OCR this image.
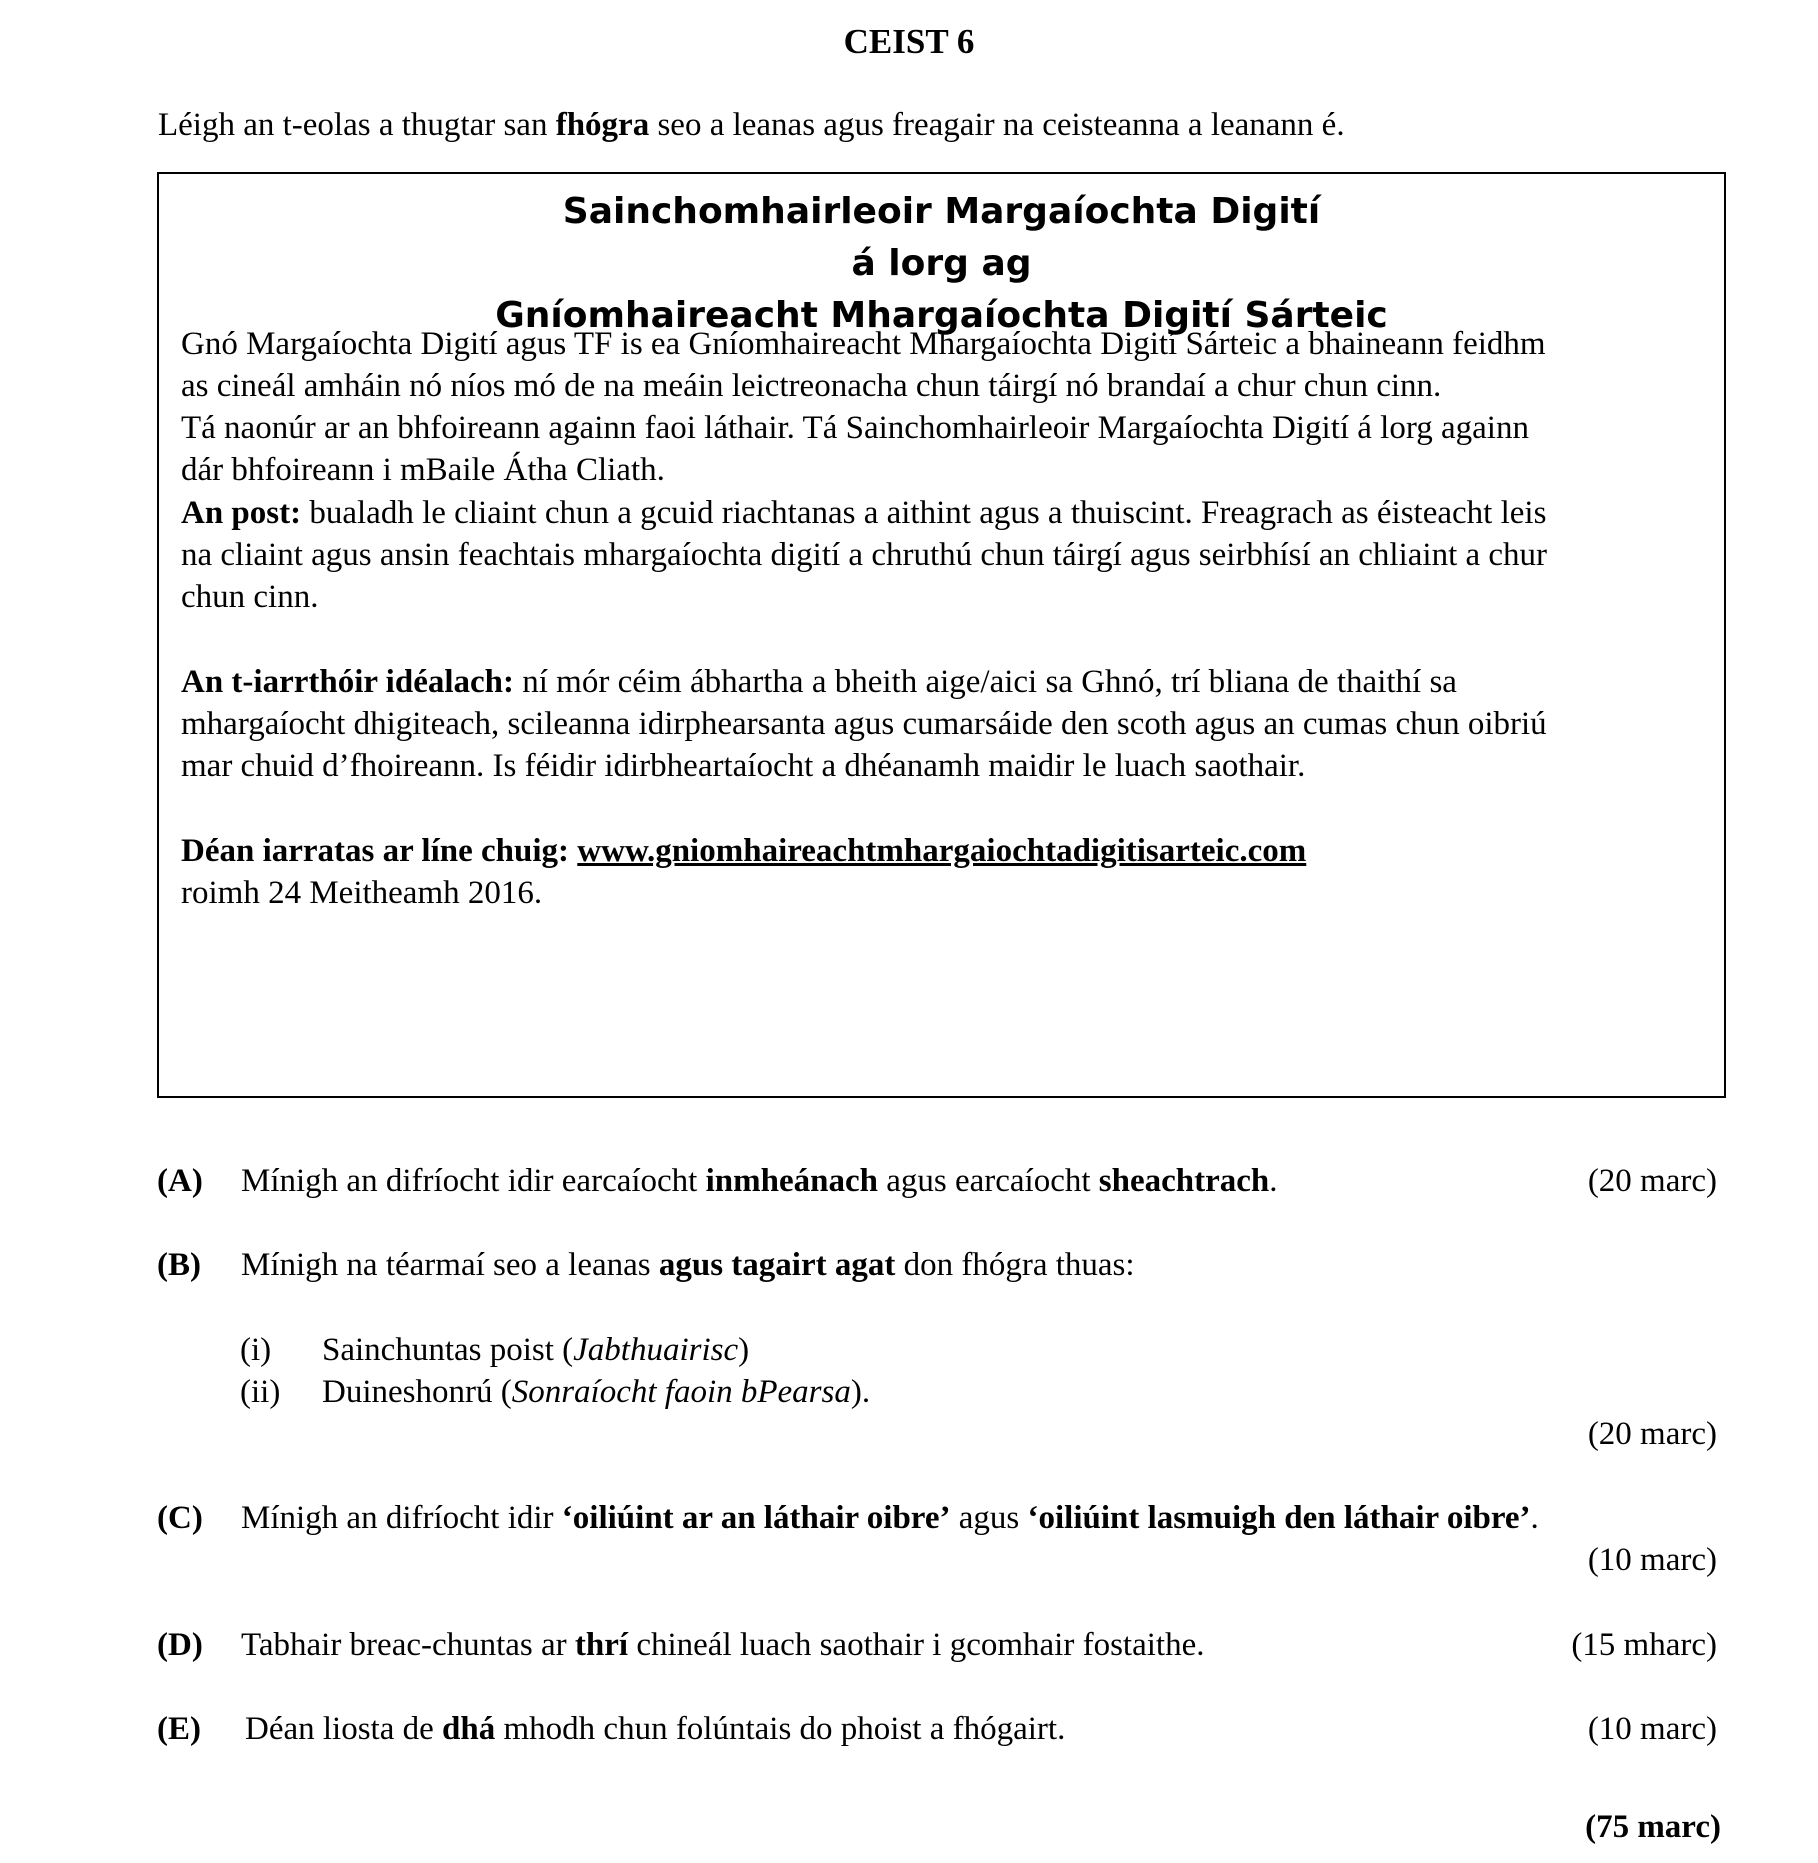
CEIST 6
Léigh an t-eolas a thugtar san fhógra seo a leanas agus freagair na ceisteanna a leanann é.
Sainchomhairleoir Margaíochta Digití
á lorg ag
Gníomhaireacht Mhargaíochta Digití Sárteic
Gnó Margaíochta Digití agus TF is ea Gníomhaireacht Mhargaíochta Digití Sárteic a bhaineann feidhm
as cineál amháin nó níos mó de na meáin leictreonacha chun táirgí nó brandaí a chur chun cinn.
Tá naonúr ar an bhfoireann againn faoi láthair. Tá Sainchomhairleoir Margaíochta Digití á lorg againn
dár bhfoireann i mBaile Átha Cliath.
An post: bualadh le cliaint chun a gcuid riachtanas a aithint agus a thuiscint. Freagrach as éisteacht leis
na cliaint agus ansin feachtais mhargaíochta digití a chruthú chun táirgí agus seirbhísí an chliaint a chur
chun cinn.
An t-iarrthóir idéalach: ní mór céim ábhartha a bheith aige/aici sa Ghnó, trí bliana de thaithí sa
mhargaíocht dhigiteach, scileanna idirphearsanta agus cumarsáide den scoth agus an cumas chun oibriú
mar chuid d’fhoireann. Is féidir idirbheartaíocht a dhéanamh maidir le luach saothair.
Déan iarratas ar líne chuig: www.gniomhaireachtmhargaiochtadigitisarteic.com
roimh 24 Meitheamh 2016.
(A) Mínigh an difríocht idir earcaíocht inmheánach agus earcaíocht sheachtrach.	(20 marc)
(B) Mínigh na téarmaí seo a leanas agus tagairt agat don fhógra thuas:
(i) Sainchuntas poist (Jabthuairisc)
(ii) Duineshonrú (Sonraíocht faoin bPearsa).
(20 marc)
(C) Mínigh an difríocht idir ‘oiliúint ar an láthair oibre’ agus ‘oiliúint lasmuigh den láthair oibre’.
(10 marc)
(D) Tabhair breac-chuntas ar thrí chineál luach saothair i gcomhair fostaithe.	(15 mharc)
(E) Déan liosta de dhá mhodh chun folúntais do phoist a fhógairt.	(10 marc)
(75 marc)
